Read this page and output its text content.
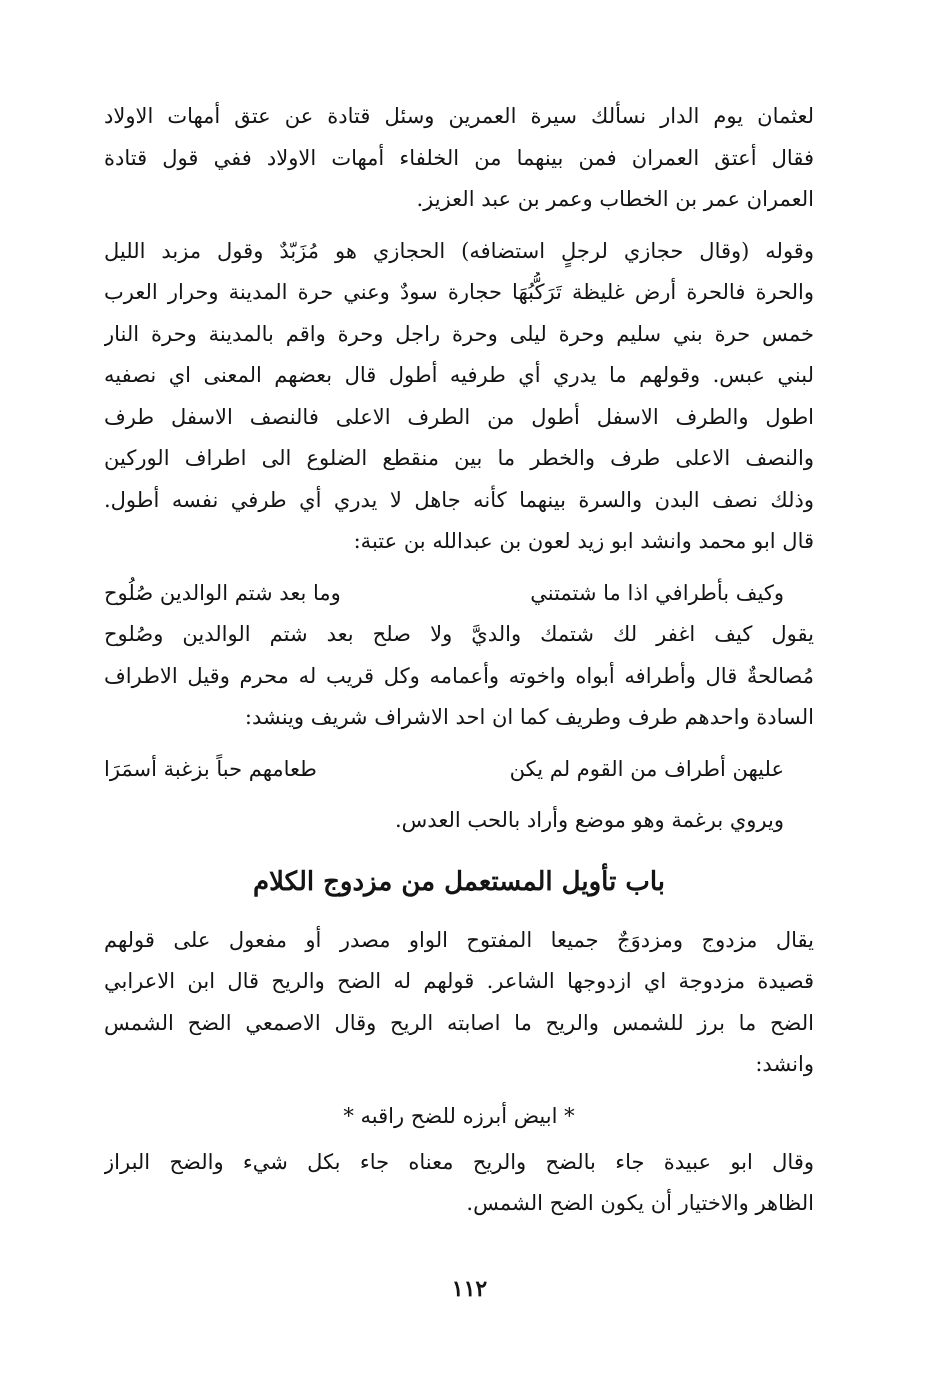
لعثمان يوم الدار نسألك سيرة العمرين وسئل قتادة عن عتق أمهات الاولاد
فقال أعتق العمران فمن بينهما من الخلفاء أمهات الاولاد ففي قول قتادة
العمران عمر بن الخطاب وعمر بن عبد العزيز.
وقوله (وقال حجازي لرجلٍ استضافه) الحجازي هو مُزَبّدٌ وقول مزبد الليل
والحرة فالحرة أرض غليظة تَرَكُّبُهَا حجارة سودٌ وعني حرة المدينة وحرار العرب
خمس حرة بني سليم وحرة ليلى وحرة راجل وحرة واقم بالمدينة وحرة النار
لبني عبس. وقولهم ما يدري أي طرفيه أطول قال بعضهم المعنى اي نصفيه
اطول والطرف الاسفل أطول من الطرف الاعلى فالنصف الاسفل طرف
والنصف الاعلى طرف والخطر ما بين منقطع الضلوع الى اطراف الوركين
وذلك نصف البدن والسرة بينهما كأنه جاهل لا يدري أي طرفي نفسه أطول.
قال ابو محمد وانشد ابو زيد لعون بن عبدالله بن عتبة:
وكيف بأطرافي اذا ما شتمتني
وما بعد شتم الوالدين صُلُوح
يقول كيف اغفر لك شتمك والديَّ ولا صلح بعد شتم الوالدين وصُلوح
مُصالحةٌ قال وأطرافه أبواه واخوته وأعمامه وكل قريب له محرم وقيل الاطراف
السادة واحدهم طرف وطريف كما ان احد الاشراف شريف وينشد:
عليهن أطراف من القوم لم يكن
طعامهم حباً بزغبة أسمَرَا
ويروي برغمة وهو موضع وأراد بالحب العدس.
باب تأويل المستعمل من مزدوج الكلام
يقال مزدوج ومزدوَجٌ جميعا المفتوح الواو مصدر أو مفعول على قولهم
قصيدة مزدوجة اي ازدوجها الشاعر. قولهم له الضح والريح قال ابن الاعرابي
الضح ما برز للشمس والريح ما اصابته الريح وقال الاصمعي الضح الشمس
وانشد:
* ابيض أبرزه للضح راقبه *
وقال ابو عبيدة جاء بالضح والريح معناه جاء بكل شيء والضح البراز
الظاهر والاختيار أن يكون الضح الشمس.
١١٢
